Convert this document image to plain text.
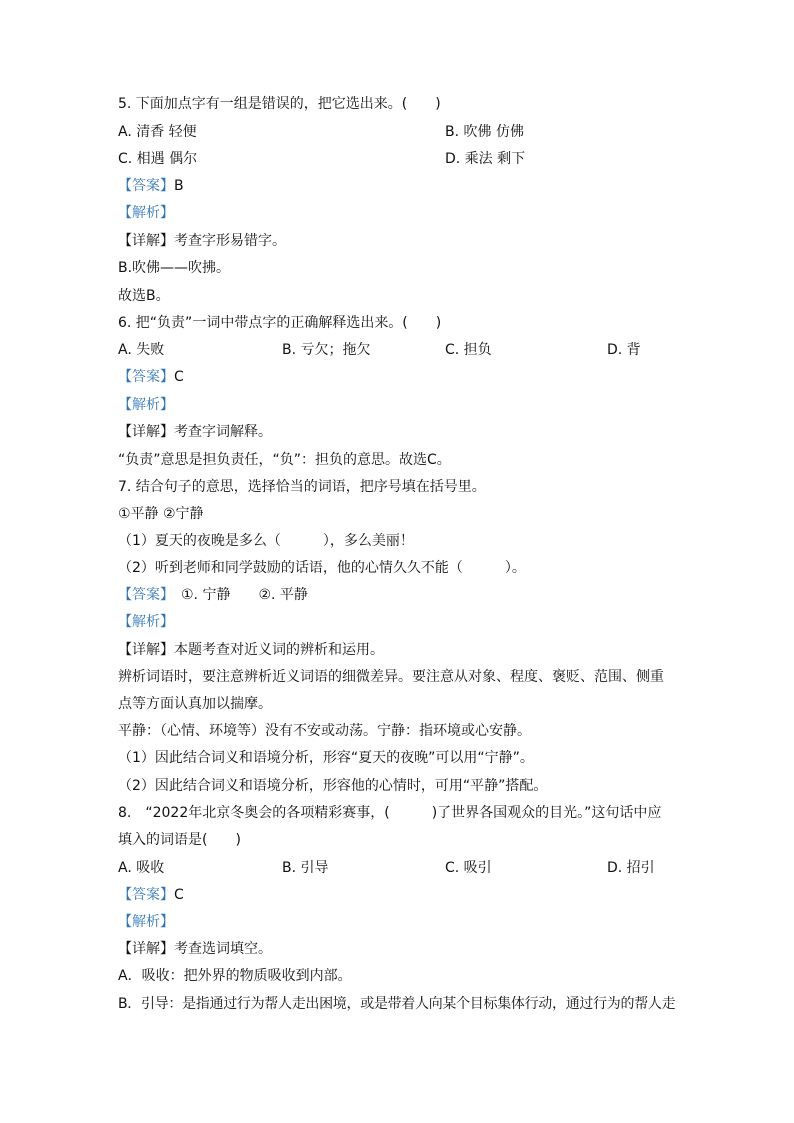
5. 下面加点字有一组是错误的，把它选出来。(　　)
A. 清香 轻便	B. 吹佛 仿佛
C. 相遇 偶尔	D. 乘法 剩下
【答案】B
【解析】
【详解】考查字形易错字。
B.吹佛——吹拂。
故选B。
6. 把“负责”一词中带点字的正确解释选出来。(　　)
A. 失败	B. 亏欠；拖欠	C. 担负	D. 背
【答案】C
【解析】
【详解】考查字词解释。
“负责”意思是担负责任，“负”：担负的意思。故选C。
7. 结合句子的意思，选择恰当的词语，把序号填在括号里。
①平静 ②宁静
（1）夏天的夜晚是多么（　　　），多么美丽！
（2）听到老师和同学鼓励的话语，他的心情久久不能（　　　）。
【答案】　①. 宁静　　②. 平静
【解析】
【详解】本题考查对近义词的辨析和运用。
辨析词语时，要注意辨析近义词语的细微差异。要注意从对象、程度、褒贬、范围、侧重
点等方面认真加以揣摩。
平静：（心情、环境等）没有不安或动荡。宁静：指环境或心安静。
（1）因此结合词义和语境分析，形容“夏天的夜晚”可以用“宁静”。
（2）因此结合词义和语境分析，形容他的心情时，可用“平静”搭配。
8.　“2022年北京冬奥会的各项精彩赛事，(　　　)了世界各国观众的目光。”这句话中应
填入的词语是(　　)
A. 吸收	B. 引导	C. 吸引	D. 招引
【答案】C
【解析】
【详解】考查选词填空。
A．吸收：把外界的物质吸收到内部。
B．引导：是指通过行为帮人走出困境，或是带着人向某个目标集体行动，通过行为的帮人走
